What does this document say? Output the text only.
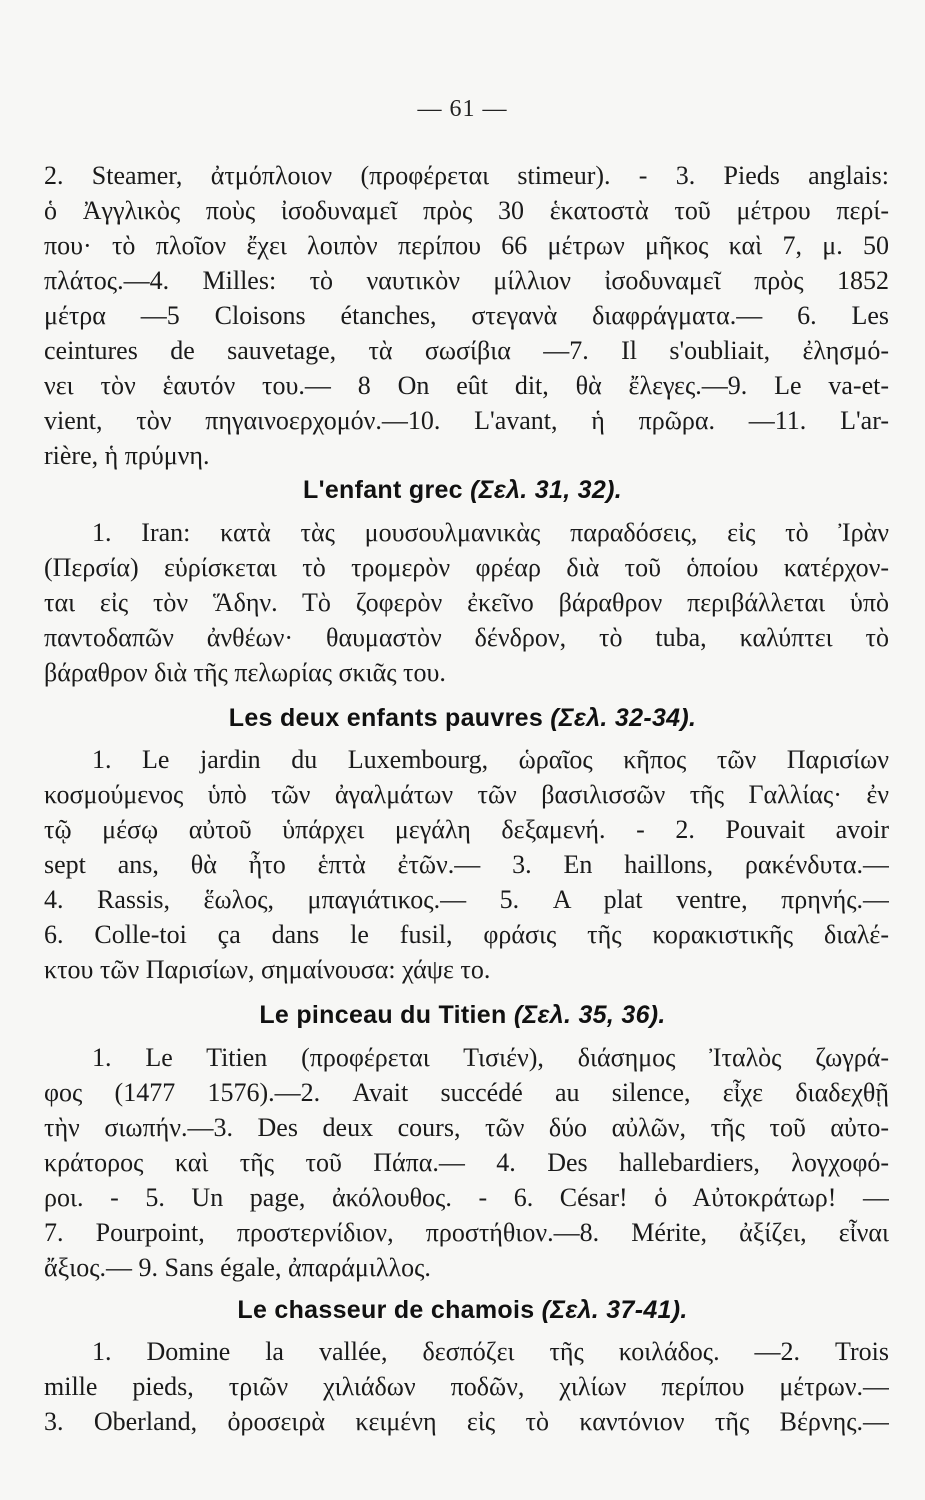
— 61 —
2. Steamer, ἀτμόπλοιον (προφέρεται stimeur). - 3. Pieds anglais:
ὁ Ἀγγλικὸς ποὺς ἰσοδυναμεῖ πρὸς 30 ἑκατοστὰ τοῦ μέτρου περί-
που· τὸ πλοῖον ἔχει λοιπὸν περίπου 66 μέτρων μῆκος καὶ 7, μ. 50
πλάτος.—4. Milles: τὸ ναυτικὸν μίλλιον ἰσοδυναμεῖ πρὸς 1852
μέτρα —5 Cloisons étanches, στεγανὰ διαφράγματα.— 6. Les
ceintures de sauvetage, τὰ σωσίβια —7. Il s'oubliait, ἐλησμό-
νει τὸν ἑαυτόν του.— 8 On eût dit, θὰ ἔλεγες.—9. Le va-et-
vient, τὸν πηγαινοερχομόν.—10. L'avant, ἡ πρῶρα. —11. L'ar-
rière, ἡ πρύμνη.
L'enfant grec (Σελ. 31, 32).
1. Iran: κατὰ τὰς μουσουλμανικὰς παραδόσεις, εἰς τὸ Ἰρὰν
(Περσία) εὑρίσκεται τὸ τρομερὸν φρέαρ διὰ τοῦ ὁποίου κατέρχον-
ται εἰς τὸν Ἅδην. Τὸ ζοφερὸν ἐκεῖνο βάραθρον περιβάλλεται ὑπὸ
παντοδαπῶν ἀνθέων· θαυμαστὸν δένδρον, τὸ tuba, καλύπτει τὸ
βάραθρον διὰ τῆς πελωρίας σκιᾶς του.
Les deux enfants pauvres (Σελ. 32-34).
1. Le jardin du Luxembourg, ὡραῖος κῆπος τῶν Παρισίων
κοσμούμενος ὑπὸ τῶν ἀγαλμάτων τῶν βασιλισσῶν τῆς Γαλλίας· ἐν
τῷ μέσῳ αὐτοῦ ὑπάρχει μεγάλη δεξαμενή. - 2. Pouvait avoir
sept ans, θὰ ἦτο ἑπτὰ ἐτῶν.— 3. En haillons, ρακένδυτα.—
4. Rassis, ἕωλος, μπαγιάτικος.— 5. A plat ventre, πρηνής.—
6. Colle-toi ça dans le fusil, φράσις τῆς κορακιστικῆς διαλέ-
κτου τῶν Παρισίων, σημαίνουσα: χάψε το.
Le pinceau du Titien (Σελ. 35, 36).
1. Le Titien (προφέρεται Τισιέν), διάσημος Ἰταλὸς ζωγρά-
φος (1477 1576).—2. Avait succédé au silence, εἶχε διαδεχθῇ
τὴν σιωπήν.—3. Des deux cours, τῶν δύο αὐλῶν, τῆς τοῦ αὐτο-
κράτορος καὶ τῆς τοῦ Πάπα.— 4. Des hallebardiers, λογχοφό-
ροι. - 5. Un page, ἀκόλουθος. - 6. César! ὁ Αὐτοκράτωρ! —
7. Pourpoint, προστερνίδιον, προστήθιον.—8. Mérite, ἀξίζει, εἶναι
ἄξιος.— 9. Sans égale, ἀπαράμιλλος.
Le chasseur de chamois (Σελ. 37-41).
1. Domine la vallée, δεσπόζει τῆς κοιλάδος. —2. Trois
mille pieds, τριῶν χιλιάδων ποδῶν, χιλίων περίπου μέτρων.—
3. Oberland, ὀροσειρὰ κειμένη εἰς τὸ καντόνιον τῆς Βέρνης.—
